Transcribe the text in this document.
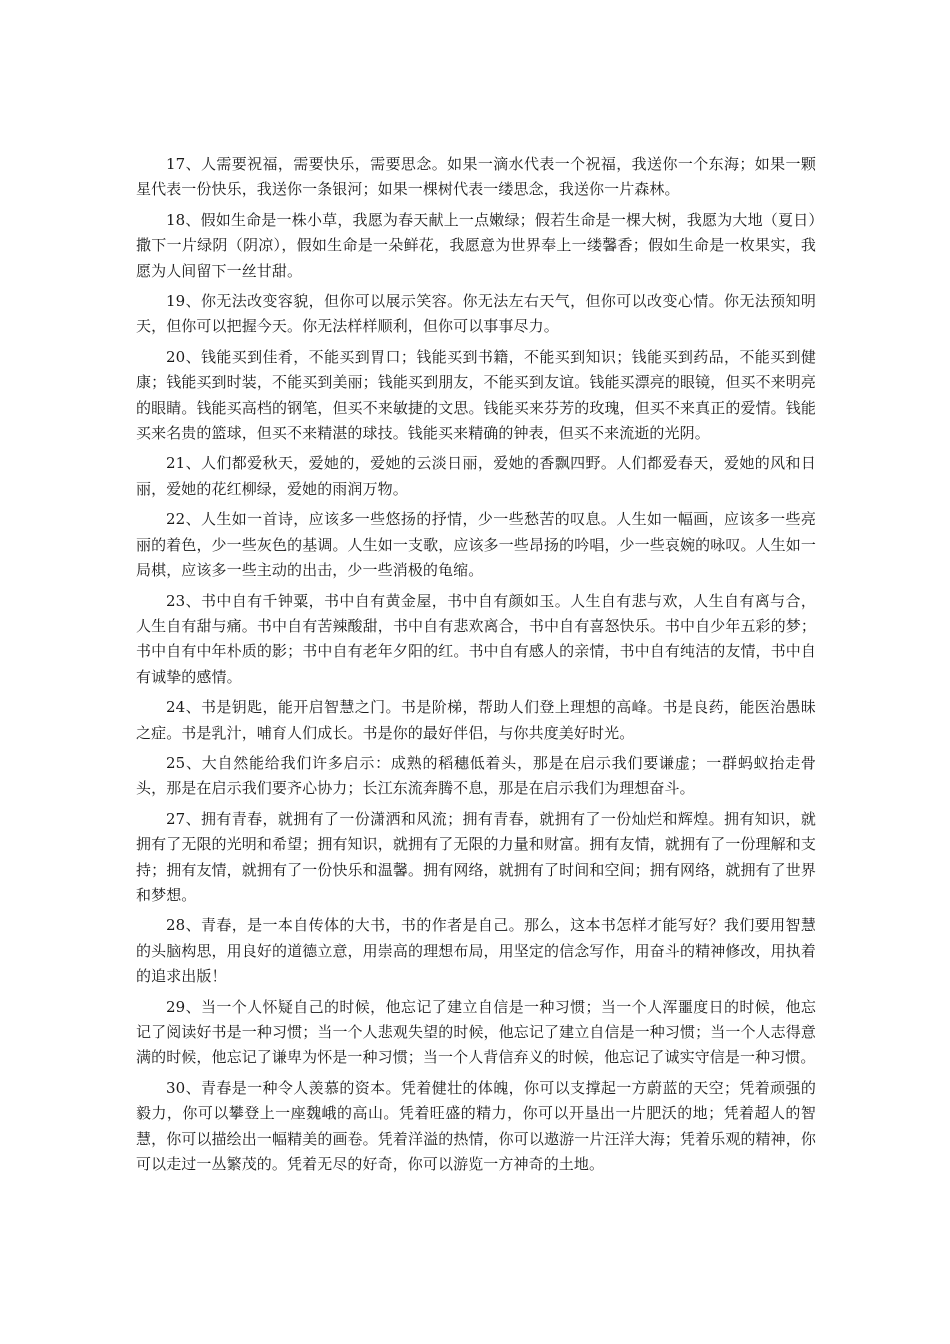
17、人需要祝福，需要快乐，需要思念。如果一滴水代表一个祝福，我送你一个东海；如果一颗星代表一份快乐，我送你一条银河；如果一棵树代表一缕思念，我送你一片森林。

18、假如生命是一株小草，我愿为春天献上一点嫩绿；假若生命是一棵大树，我愿为大地（夏日）撒下一片绿阴（阴凉），假如生命是一朵鲜花，我愿意为世界奉上一缕馨香；假如生命是一枚果实，我愿为人间留下一丝甘甜。

19、你无法改变容貌，但你可以展示笑容。你无法左右天气，但你可以改变心情。你无法预知明天，但你可以把握今天。你无法样样顺利，但你可以事事尽力。

20、钱能买到佳肴，不能买到胃口；钱能买到书籍，不能买到知识；钱能买到药品，不能买到健康；钱能买到时装，不能买到美丽；钱能买到朋友，不能买到友谊。钱能买漂亮的眼镜，但买不来明亮的眼睛。钱能买高档的钢笔，但买不来敏捷的文思。钱能买来芬芳的玫瑰，但买不来真正的爱情。钱能买来名贵的篮球，但买不来精湛的球技。钱能买来精确的钟表，但买不来流逝的光阴。

21、人们都爱秋天，爱她的，爱她的云淡日丽，爱她的香飘四野。人们都爱春天，爱她的风和日丽，爱她的花红柳绿，爱她的雨润万物。

22、人生如一首诗，应该多一些悠扬的抒情，少一些愁苦的叹息。人生如一幅画，应该多一些亮丽的着色，少一些灰色的基调。人生如一支歌，应该多一些昂扬的吟唱，少一些哀婉的咏叹。人生如一局棋，应该多一些主动的出击，少一些消极的龟缩。

23、书中自有千钟粟，书中自有黄金屋，书中自有颜如玉。人生自有悲与欢，人生自有离与合，人生自有甜与痛。书中自有苦辣酸甜，书中自有悲欢离合，书中自有喜怒快乐。书中自少年五彩的梦；书中自有中年朴质的影；书中自有老年夕阳的红。书中自有感人的亲情，书中自有纯洁的友情，书中自有诚挚的感情。

24、书是钥匙，能开启智慧之门。书是阶梯，帮助人们登上理想的高峰。书是良药，能医治愚昧之症。书是乳汁，哺育人们成长。书是你的最好伴侣，与你共度美好时光。

25、大自然能给我们许多启示：成熟的稻穗低着头，那是在启示我们要谦虚；一群蚂蚁抬走骨头，那是在启示我们要齐心协力；长江东流奔腾不息，那是在启示我们为理想奋斗。

27、拥有青春，就拥有了一份潇洒和风流；拥有青春，就拥有了一份灿烂和辉煌。拥有知识，就拥有了无限的光明和希望；拥有知识，就拥有了无限的力量和财富。拥有友情，就拥有了一份理解和支持；拥有友情，就拥有了一份快乐和温馨。拥有网络，就拥有了时间和空间；拥有网络，就拥有了世界和梦想。

28、青春，是一本自传体的大书，书的作者是自己。那么，这本书怎样才能写好？我们要用智慧的头脑构思，用良好的道德立意，用崇高的理想布局，用坚定的信念写作，用奋斗的精神修改，用执着的追求出版！

29、当一个人怀疑自己的时候，他忘记了建立自信是一种习惯；当一个人浑噩度日的时候，他忘记了阅读好书是一种习惯；当一个人悲观失望的时候，他忘记了建立自信是一种习惯；当一个人志得意满的时候，他忘记了谦卑为怀是一种习惯；当一个人背信弃义的时候，他忘记了诚实守信是一种习惯。

30、青春是一种令人羡慕的资本。凭着健壮的体魄，你可以支撑起一方蔚蓝的天空；凭着顽强的毅力，你可以攀登上一座魏峨的高山。凭着旺盛的精力，你可以开垦出一片肥沃的地；凭着超人的智慧，你可以描绘出一幅精美的画卷。凭着洋溢的热情，你可以遨游一片汪洋大海；凭着乐观的精神，你可以走过一丛繁茂的。凭着无尽的好奇，你可以游览一方神奇的土地。
